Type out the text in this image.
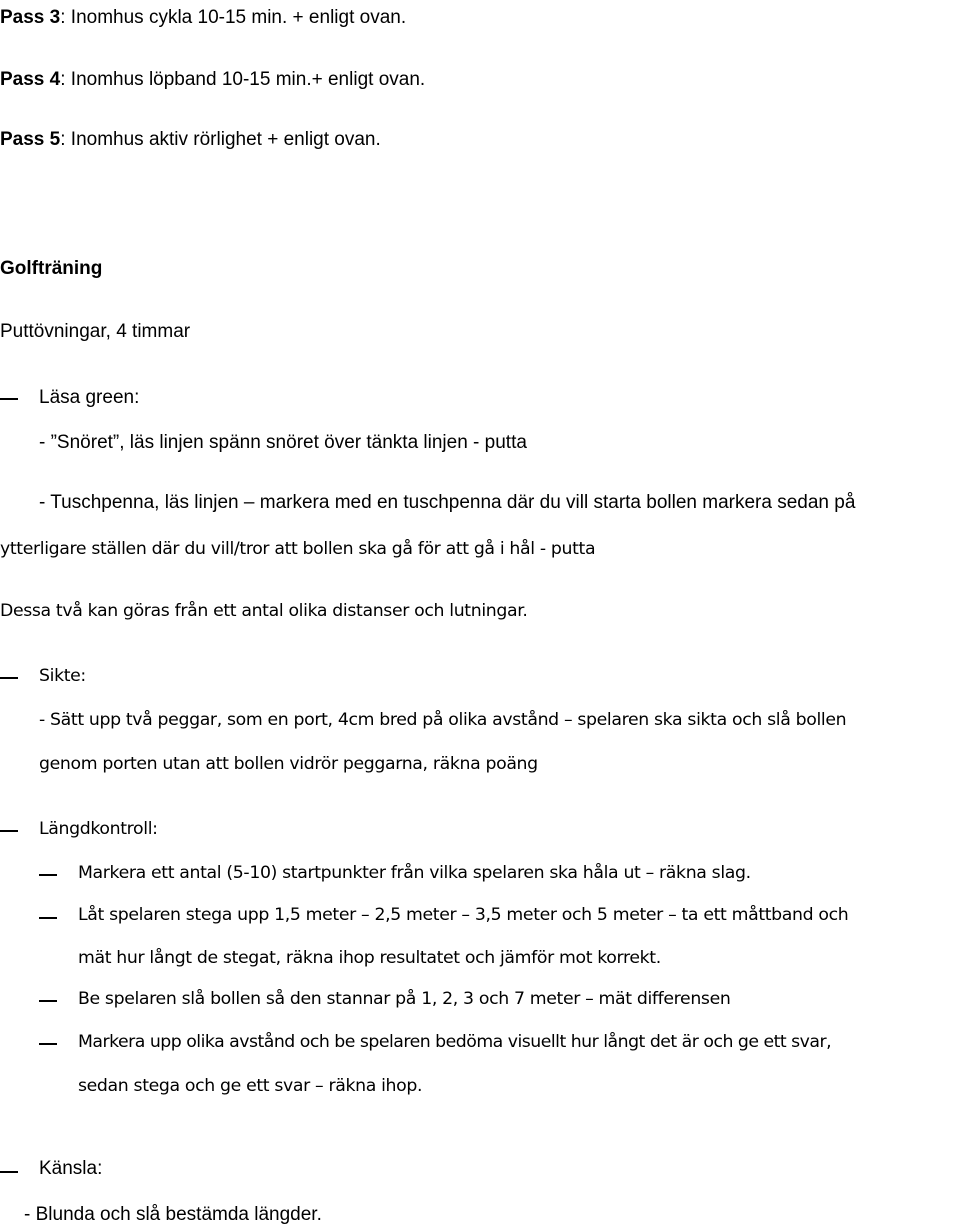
Pass 3: Inomhus cykla 10-15 min. + enligt ovan.
Pass 4: Inomhus löpband 10-15 min.+ enligt ovan.
Pass 5: Inomhus aktiv rörlighet + enligt ovan.
Golfträning
Puttövningar, 4 timmar
Läsa green:
- ”Snöret”, läs linjen spänn snöret över tänkta linjen - putta
- Tuschpenna, läs linjen – markera med en tuschpenna där du vill starta bollen markera sedan på
ytterligare ställen där du vill/tror att bollen ska gå för att gå i hål - putta
Dessa två kan göras från ett antal olika distanser och lutningar.
Sikte:
- Sätt upp två peggar, som en port, 4cm bred på olika avstånd – spelaren ska sikta och slå bollen
genom porten utan att bollen vidrör peggarna, räkna poäng
Längdkontroll:
Markera ett antal (5-10) startpunkter från vilka spelaren ska håla ut – räkna slag.
Låt spelaren stega upp 1,5 meter – 2,5 meter – 3,5 meter och 5 meter – ta ett måttband och
mät hur långt de stegat, räkna ihop resultatet och jämför mot korrekt.
Be spelaren slå bollen så den stannar på 1, 2, 3 och 7 meter – mät differensen
Markera upp olika avstånd och be spelaren bedöma visuellt hur långt det är och ge ett svar,
sedan stega och ge ett svar – räkna ihop.
Känsla:
- Blunda och slå bestämda längder.
